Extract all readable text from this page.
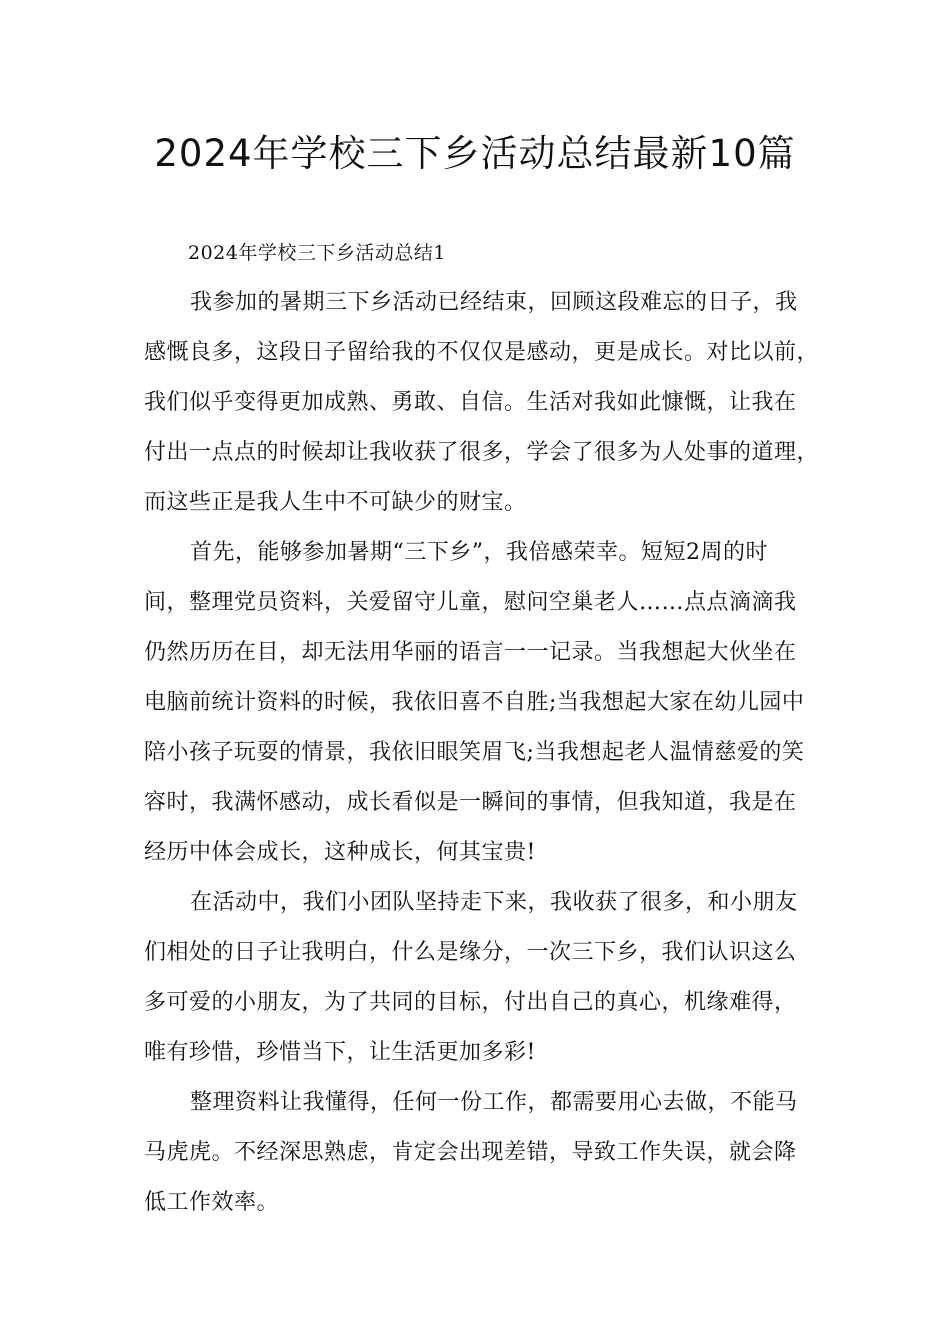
2024年学校三下乡活动总结最新10篇

2024年学校三下乡活动总结1

我参加的暑期三下乡活动已经结束，回顾这段难忘的日子，我
感慨良多，这段日子留给我的不仅仅是感动，更是成长。对比以前，
我们似乎变得更加成熟、勇敢、自信。生活对我如此慷慨，让我在
付出一点点的时候却让我收获了很多，学会了很多为人处事的道理，
而这些正是我人生中不可缺少的财宝。

首先，能够参加暑期“三下乡”，我倍感荣幸。短短2周的时
间，整理党员资料，关爱留守儿童，慰问空巢老人……点点滴滴我
仍然历历在目，却无法用华丽的语言一一记录。当我想起大伙坐在
电脑前统计资料的时候，我依旧喜不自胜;当我想起大家在幼儿园中
陪小孩子玩耍的情景，我依旧眼笑眉飞;当我想起老人温情慈爱的笑
容时，我满怀感动，成长看似是一瞬间的事情，但我知道，我是在
经历中体会成长，这种成长，何其宝贵!

在活动中，我们小团队坚持走下来，我收获了很多，和小朋友
们相处的日子让我明白，什么是缘分，一次三下乡，我们认识这么
多可爱的小朋友，为了共同的目标，付出自己的真心，机缘难得，
唯有珍惜，珍惜当下，让生活更加多彩!

整理资料让我懂得，任何一份工作，都需要用心去做，不能马
马虎虎。不经深思熟虑，肯定会出现差错，导致工作失误，就会降
低工作效率。
